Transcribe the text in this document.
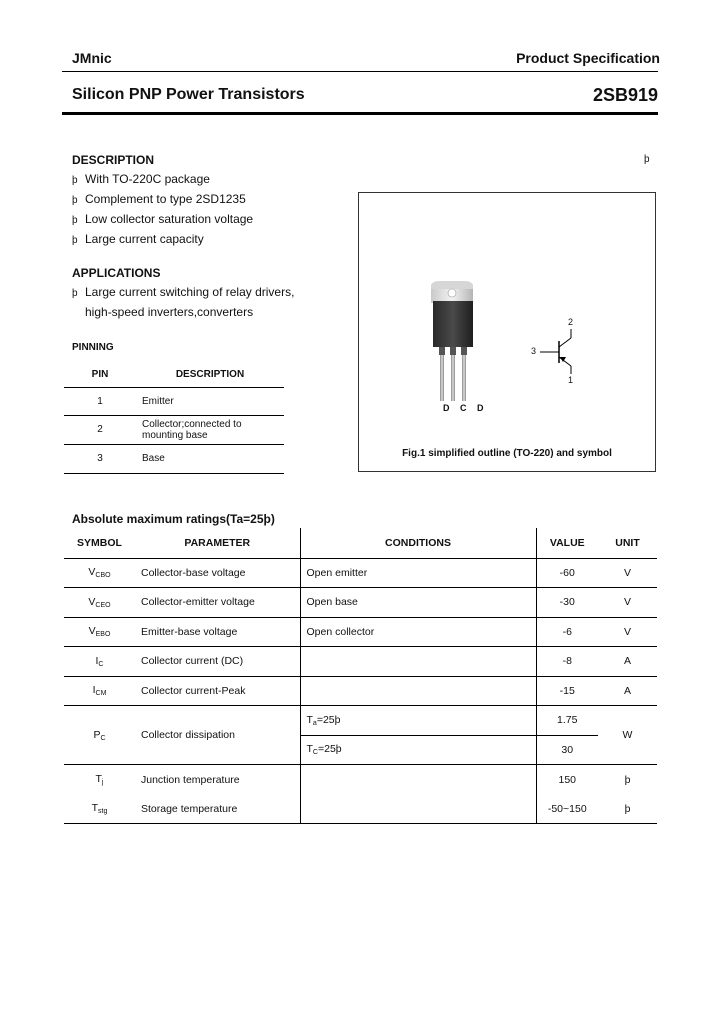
JMnic	Product Specification
Silicon PNP Power Transistors	2SB919
þ
DESCRIPTION
þ With TO-220C package
þ Complement to type 2SD1235
þ Low collector saturation voltage
þ Large current capacity
APPLICATIONS
þ Large current switching of relay drivers,
high-speed inverters,converters
PINNING
PIN	DESCRIPTION
1	Emitter
2	Collector;connected to mounting base
3	Base
D C D
2
3
1
Fig.1 simplified outline (TO-220) and symbol
Absolute maximum ratings(Ta=25þ)
SYMBOL	PARAMETER	CONDITIONS	VALUE	UNIT
$V_{CBO}$	Collector-base voltage	Open emitter	-60	V
$V_{CEO}$	Collector-emitter voltage	Open base	-30	V
$V_{EBO}$	Emitter-base voltage	Open collector	-6	V
$I_C$	Collector current (DC)		-8	A
$I_{CM}$	Collector current-Peak		-15	A
$P_C$	Collector dissipation	$T_a=25þ$	1.75	W
		$T_C=25þ$	30	
$T_j$	Junction temperature		150	þ
$T_{stg}$	Storage temperature		-50~150	þ
